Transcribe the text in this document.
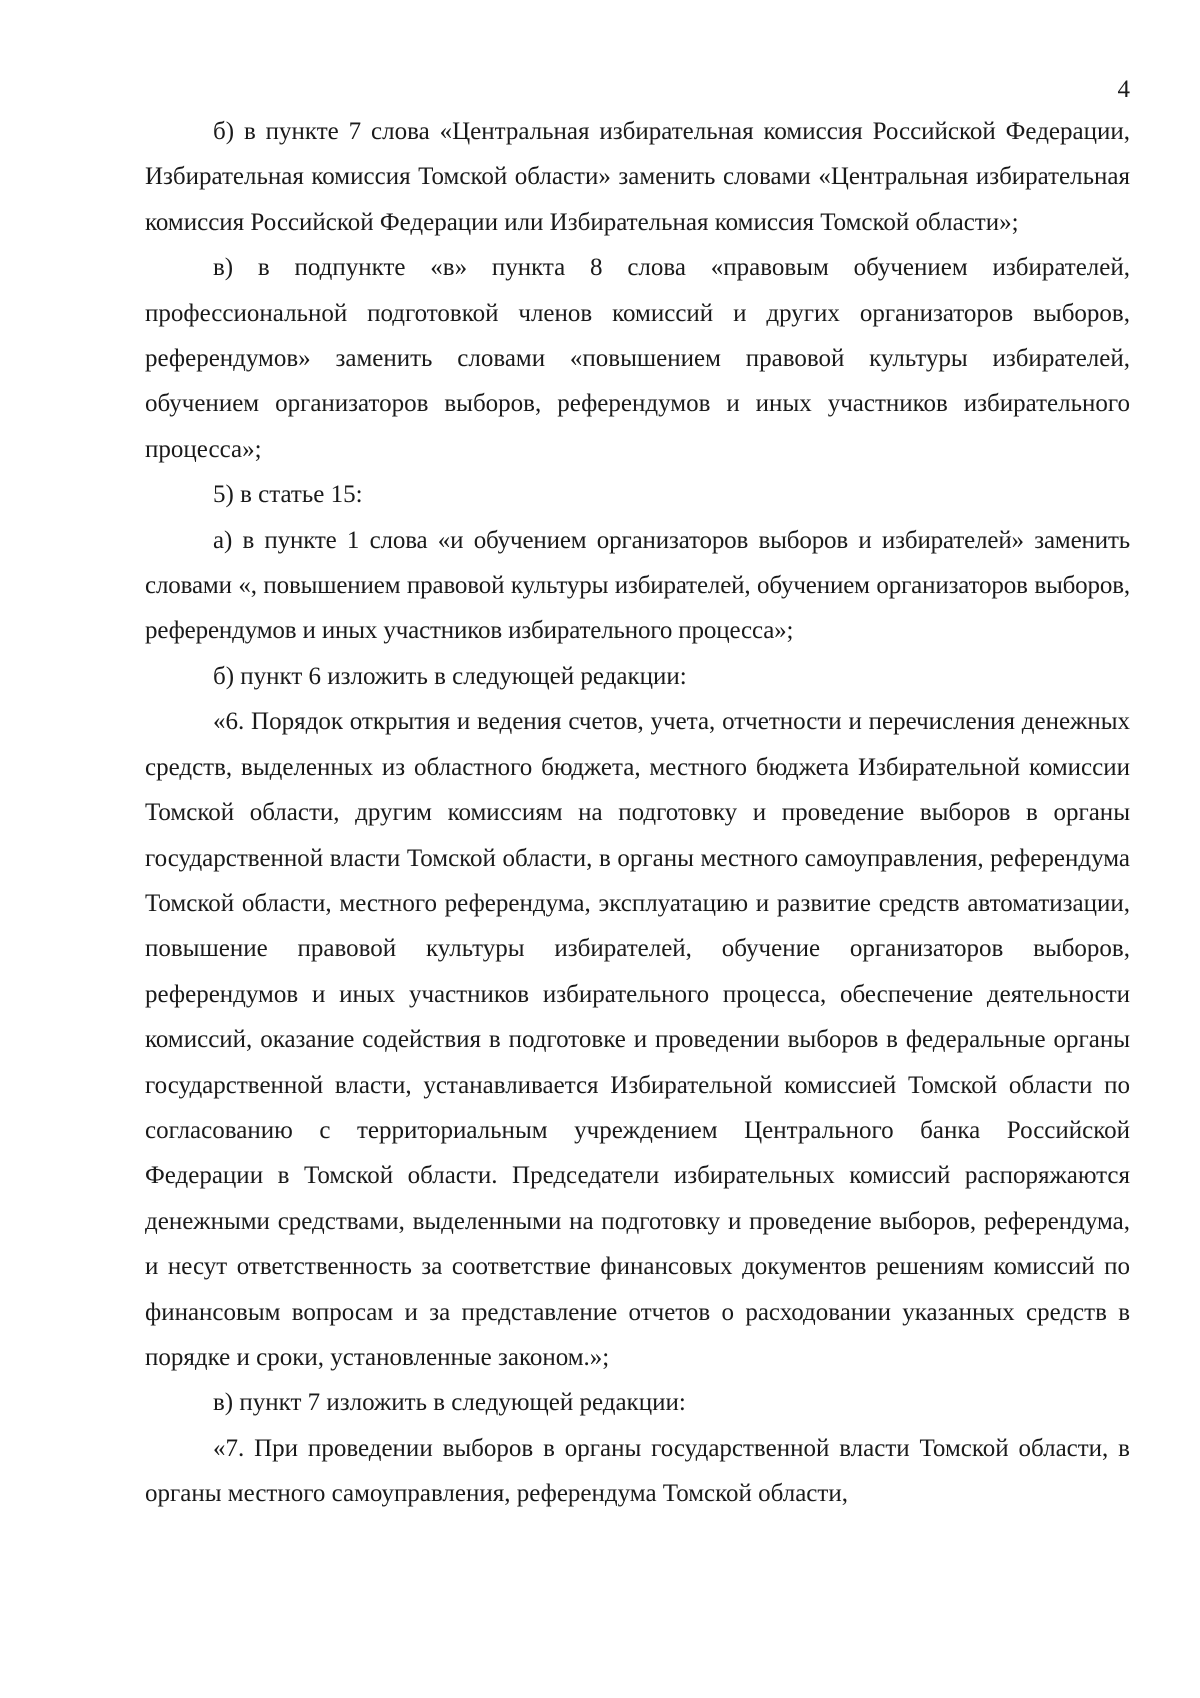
4

б) в пункте 7 слова «Центральная избирательная комиссия Российской Федерации, Избирательная комиссия Томской области» заменить словами «Центральная избирательная комиссия Российской Федерации или Избирательная комиссия Томской области»;

в) в подпункте «в» пункта 8 слова «правовым обучением избирателей, профессиональной подготовкой членов комиссий и других организаторов выборов, референдумов» заменить словами «повышением правовой культуры избирателей, обучением организаторов выборов, референдумов и иных участников избирательного процесса»;

5) в статье 15:

а) в пункте 1 слова «и обучением организаторов выборов и избирателей» заменить словами «, повышением правовой культуры избирателей, обучением организаторов выборов, референдумов и иных участников избирательного процесса»;

б) пункт 6 изложить в следующей редакции:

«6. Порядок открытия и ведения счетов, учета, отчетности и перечисления денежных средств, выделенных из областного бюджета, местного бюджета Избирательной комиссии Томской области, другим комиссиям на подготовку и проведение выборов в органы государственной власти Томской области, в органы местного самоуправления, референдума Томской области, местного референдума, эксплуатацию и развитие средств автоматизации, повышение правовой культуры избирателей, обучение организаторов выборов, референдумов и иных участников избирательного процесса, обеспечение деятельности комиссий, оказание содействия в подготовке и проведении выборов в федеральные органы государственной власти, устанавливается Избирательной комиссией Томской области по согласованию с территориальным учреждением Центрального банка Российской Федерации в Томской области. Председатели избирательных комиссий распоряжаются денежными средствами, выделенными на подготовку и проведение выборов, референдума, и несут ответственность за соответствие финансовых документов решениям комиссий по финансовым вопросам и за представление отчетов о расходовании указанных средств в порядке и сроки, установленные законом.»;

в) пункт 7 изложить в следующей редакции:

«7. При проведении выборов в органы государственной власти Томской области, в органы местного самоуправления, референдума Томской области,
